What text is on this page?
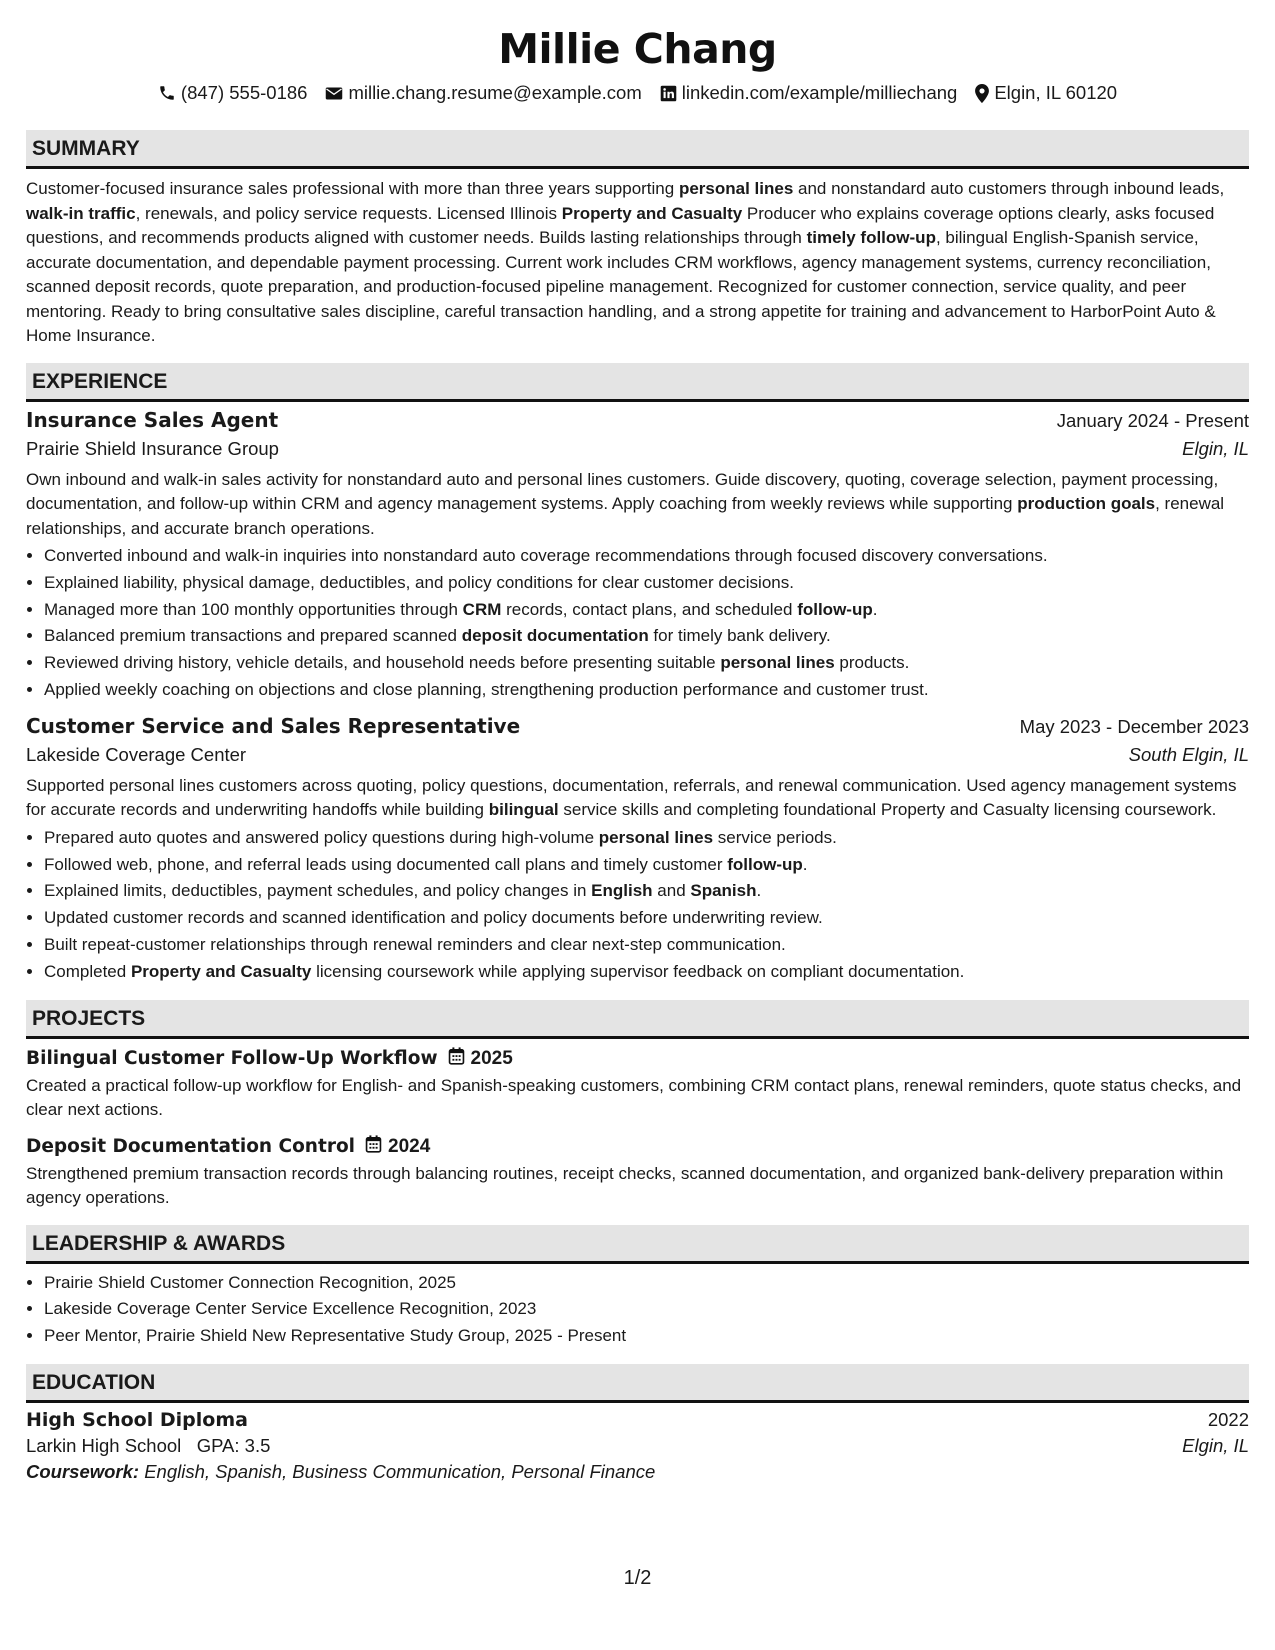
Millie Chang
(847) 555-0186 millie.chang.resume@example.com linkedin.com/example/milliechang Elgin, IL 60120
SUMMARY
Customer-focused insurance sales professional with more than three years supporting personal lines and nonstandard auto customers through inbound leads, walk-in traffic, renewals, and policy service requests. Licensed Illinois Property and Casualty Producer who explains coverage options clearly, asks focused questions, and recommends products aligned with customer needs. Builds lasting relationships through timely follow-up, bilingual English-Spanish service, accurate documentation, and dependable payment processing. Current work includes CRM workflows, agency management systems, currency reconciliation, scanned deposit records, quote preparation, and production-focused pipeline management. Recognized for customer connection, service quality, and peer mentoring. Ready to bring consultative sales discipline, careful transaction handling, and a strong appetite for training and advancement to HarborPoint Auto & Home Insurance.
EXPERIENCE
Insurance Sales Agent	January 2024 - Present
Prairie Shield Insurance Group	Elgin, IL
Own inbound and walk-in sales activity for nonstandard auto and personal lines customers. Guide discovery, quoting, coverage selection, payment processing, documentation, and follow-up within CRM and agency management systems. Apply coaching from weekly reviews while supporting production goals, renewal relationships, and accurate branch operations.
• Converted inbound and walk-in inquiries into nonstandard auto coverage recommendations through focused discovery conversations.
• Explained liability, physical damage, deductibles, and policy conditions for clear customer decisions.
• Managed more than 100 monthly opportunities through CRM records, contact plans, and scheduled follow-up.
• Balanced premium transactions and prepared scanned deposit documentation for timely bank delivery.
• Reviewed driving history, vehicle details, and household needs before presenting suitable personal lines products.
• Applied weekly coaching on objections and close planning, strengthening production performance and customer trust.
Customer Service and Sales Representative	May 2023 - December 2023
Lakeside Coverage Center	South Elgin, IL
Supported personal lines customers across quoting, policy questions, documentation, referrals, and renewal communication. Used agency management systems for accurate records and underwriting handoffs while building bilingual service skills and completing foundational Property and Casualty licensing coursework.
• Prepared auto quotes and answered policy questions during high-volume personal lines service periods.
• Followed web, phone, and referral leads using documented call plans and timely customer follow-up.
• Explained limits, deductibles, payment schedules, and policy changes in English and Spanish.
• Updated customer records and scanned identification and policy documents before underwriting review.
• Built repeat-customer relationships through renewal reminders and clear next-step communication.
• Completed Property and Casualty licensing coursework while applying supervisor feedback on compliant documentation.
PROJECTS
Bilingual Customer Follow-Up Workflow 2025
Created a practical follow-up workflow for English- and Spanish-speaking customers, combining CRM contact plans, renewal reminders, quote status checks, and clear next actions.
Deposit Documentation Control 2024
Strengthened premium transaction records through balancing routines, receipt checks, scanned documentation, and organized bank-delivery preparation within agency operations.
LEADERSHIP & AWARDS
• Prairie Shield Customer Connection Recognition, 2025
• Lakeside Coverage Center Service Excellence Recognition, 2023
• Peer Mentor, Prairie Shield New Representative Study Group, 2025 - Present
EDUCATION
High School Diploma	2022
Larkin High School GPA: 3.5	Elgin, IL
Coursework: English, Spanish, Business Communication, Personal Finance
1/2
